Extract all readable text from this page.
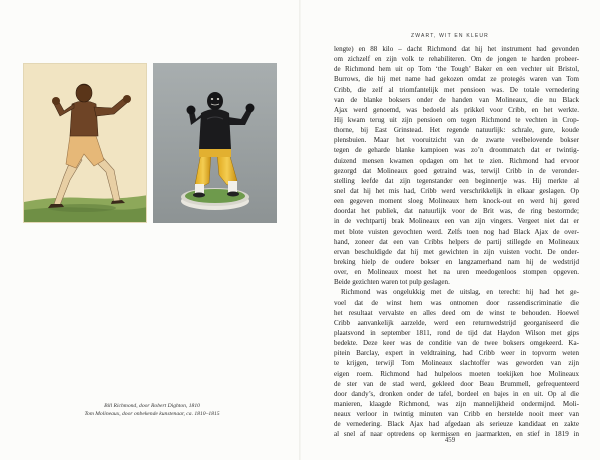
Bill Richmond, door Robert Dighton, 1810
Tom Molineaux, door onbekende kunstenaar, ca. 1810–1815
ZWART, WIT EN KLEUR
lengte) en 88 kilo – dacht Richmond dat hij het instrument had gevonden
om zichzelf en zijn volk te rehabiliteren. Om de jongen te harden probeer-
de Richmond hem uit op Tom ‘the Tough’ Baker en een vechter uit Bristol,
Burrows, die hij met name had gekozen omdat ze protegés waren van Tom
Cribb, die zelf al triomfantelijk met pensioen was. De totale vernedering
van de blanke boksers onder de handen van Molineaux, die nu Black
Ajax werd genoemd, was bedoeld als prikkel voor Cribb, en het werkte.
Hij kwam terug uit zijn pensioen om tegen Richmond te vechten in Crop-
thorne, bij East Grinstead. Het regende natuurlijk: schrale, gure, koude
plensbuien. Maar het vooruitzicht van de zwarte veelbelovende bokser
tegen de geharde blanke kampioen was zo’n droommatch dat er twintig-
duizend mensen kwamen opdagen om het te zien. Richmond had ervoor
gezorgd dat Molineaux goed getraind was, terwijl Cribb in de veronder-
stelling leefde dat zijn tegenstander een beginnertje was. Hij merkte al
snel dat hij het mis had, Cribb werd verschrikkelijk in elkaar geslagen. Op
een gegeven moment sloeg Molineaux hem knock-out en werd hij gered
doordat het publiek, dat natuurlijk voor de Brit was, de ring bestormde;
in de vechtpartij brak Molineaux een van zijn vingers. Vergeet niet dat er
met blote vuisten gevochten werd. Zelfs toen nog had Black Ajax de over-
hand, zoneer dat een van Cribbs helpers de partij stillegde en Molineaux
ervan beschuldigde dat hij met gewichten in zijn vuisten vocht. De onder-
breking hielp de oudere bokser en langzamerhand nam hij de wedstrijd
over, en Molineaux moest het na uren meedogenloos stompen opgeven.
Beide gezichten waren tot pulp geslagen.
Richmond was ongelukkig met de uitslag, en terecht: hij had het ge-
voel dat de winst hem was ontnomen door rassendiscriminatie die
het resultaat vervalste en alles deed om de winst te behouden. Hoewel
Cribb aanvankelijk aarzelde, werd een returnwedstrijd georganiseerd die
plaatsvond in september 1811, rond de tijd dat Haydon Wilson met gips
bedekte. Deze keer was de conditie van de twee boksers omgekeerd. Ka-
pitein Barclay, expert in veldtraining, had Cribb weer in topvorm weten
te krijgen, terwijl Tom Molineaux slachtoffer was geworden van zijn
eigen roem. Richmond had hulpeloos moeten toekijken hoe Molineaux
de ster van de stad werd, gekleed door Beau Brummell, gefrequenteerd
door dandy’s, dronken onder de tafel, bordeel en bajes in en uit. Op al die
manieren, klaagde Richmond, was zijn mannelijkheid ondermijnd. Moli-
neaux verloor in twintig minuten van Cribb en herstelde nooit meer van
de vernedering. Black Ajax had afgedaan als serieuze kandidaat en zakte
al snel af naar optredens op kermissen en jaarmarkten, en stief in 1819 in
459
